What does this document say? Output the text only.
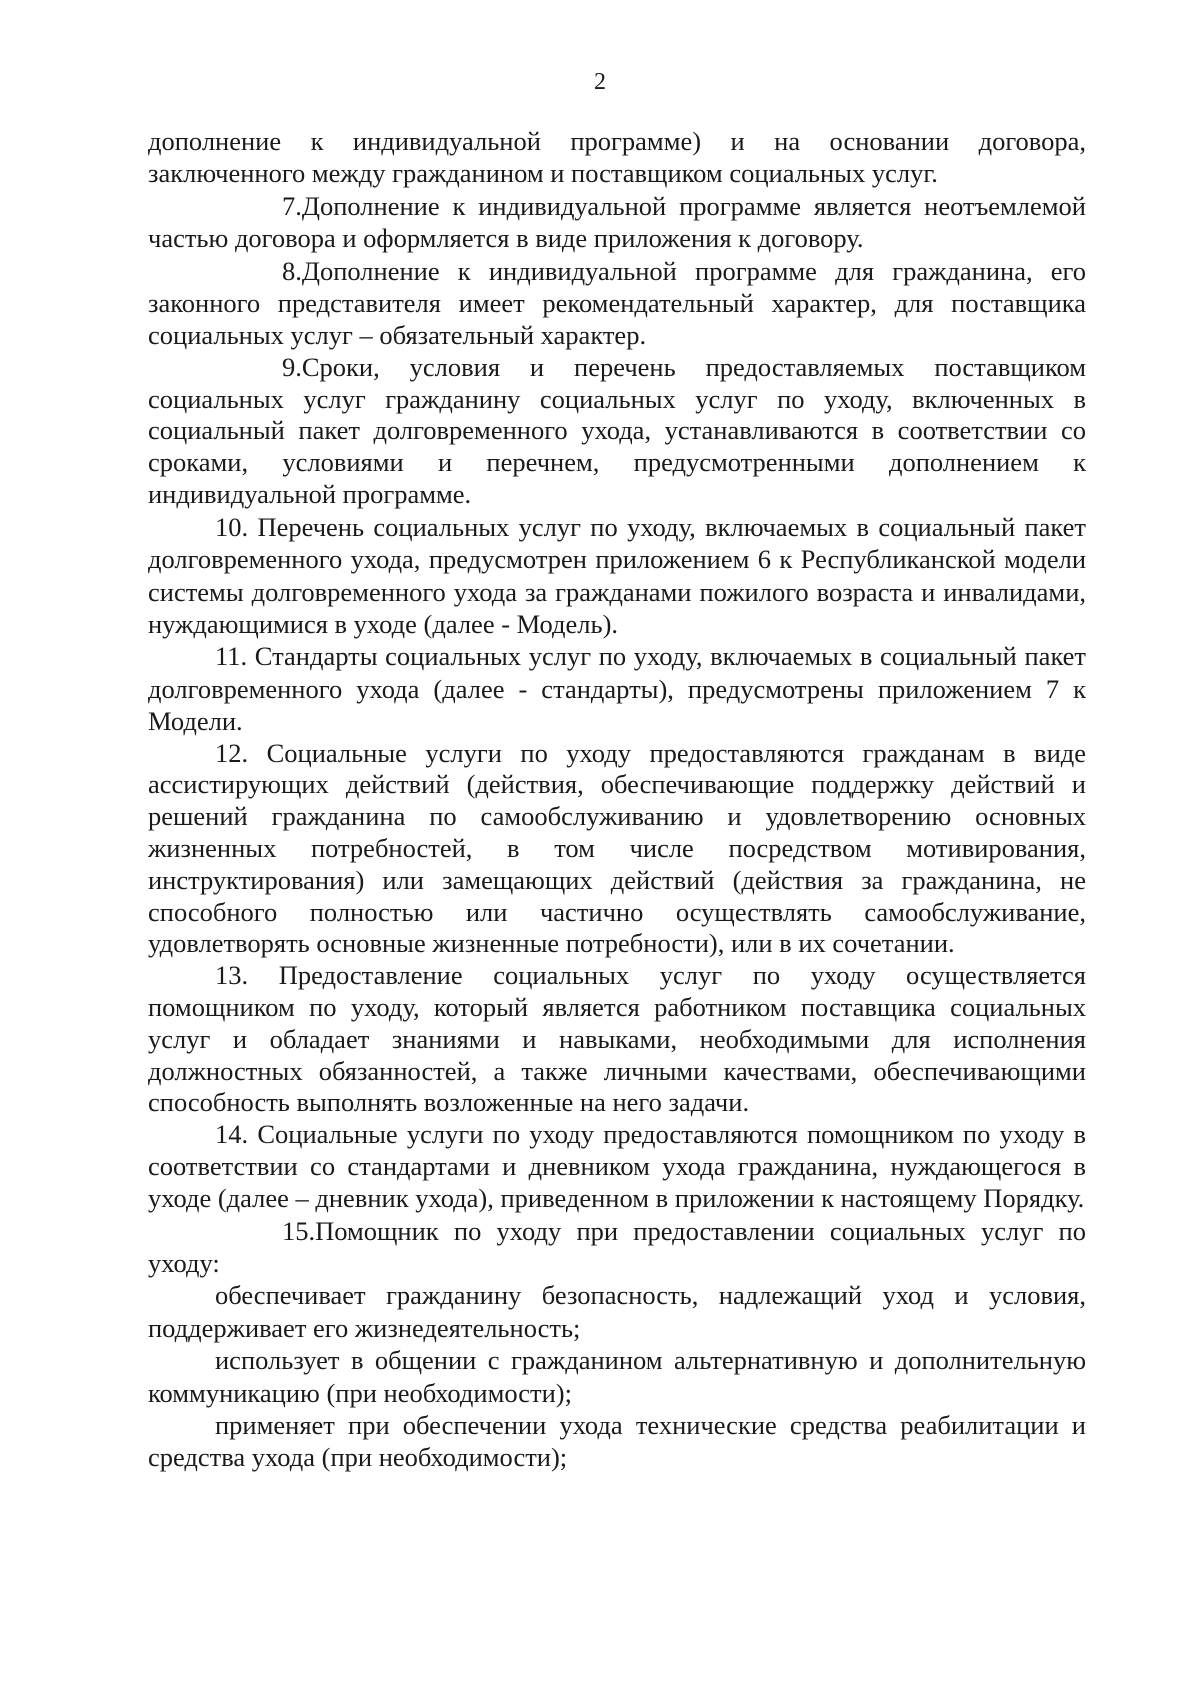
2

дополнение к индивидуальной программе) и на основании договора, заключенного между гражданином и поставщиком социальных услуг.

7.Дополнение к индивидуальной программе является неотъемлемой частью договора и оформляется в виде приложения к договору.

8.Дополнение к индивидуальной программе для гражданина, его законного представителя имеет рекомендательный характер, для поставщика социальных услуг – обязательный характер.

9.Сроки, условия и перечень предоставляемых поставщиком социальных услуг гражданину социальных услуг по уходу, включенных в социальный пакет долговременного ухода, устанавливаются в соответствии со сроками, условиями и перечнем, предусмотренными дополнением к индивидуальной программе.

10. Перечень социальных услуг по уходу, включаемых в социальный пакет долговременного ухода, предусмотрен приложением 6 к Республиканской модели системы долговременного ухода за гражданами пожилого возраста и инвалидами, нуждающимися в уходе (далее - Модель).

11. Стандарты социальных услуг по уходу, включаемых в социальный пакет долговременного ухода (далее - стандарты), предусмотрены приложением 7 к Модели.

12. Социальные услуги по уходу предоставляются гражданам в виде ассистирующих действий (действия, обеспечивающие поддержку действий и решений гражданина по самообслуживанию и удовлетворению основных жизненных потребностей, в том числе посредством мотивирования, инструктирования) или замещающих действий (действия за гражданина, не способного полностью или частично осуществлять самообслуживание, удовлетворять основные жизненные потребности), или в их сочетании.

13. Предоставление социальных услуг по уходу осуществляется помощником по уходу, который является работником поставщика социальных услуг и обладает знаниями и навыками, необходимыми для исполнения должностных обязанностей, а также личными качествами, обеспечивающими способность выполнять возложенные на него задачи.

14. Социальные услуги по уходу предоставляются помощником по уходу в соответствии со стандартами и дневником ухода гражданина, нуждающегося в уходе (далее – дневник ухода), приведенном в приложении к настоящему Порядку.

15.Помощник по уходу при предоставлении социальных услуг по уходу:

обеспечивает гражданину безопасность, надлежащий уход и условия, поддерживает его жизнедеятельность;

использует в общении с гражданином альтернативную и дополнительную коммуникацию (при необходимости);

применяет при обеспечении ухода технические средства реабилитации и средства ухода (при необходимости);
